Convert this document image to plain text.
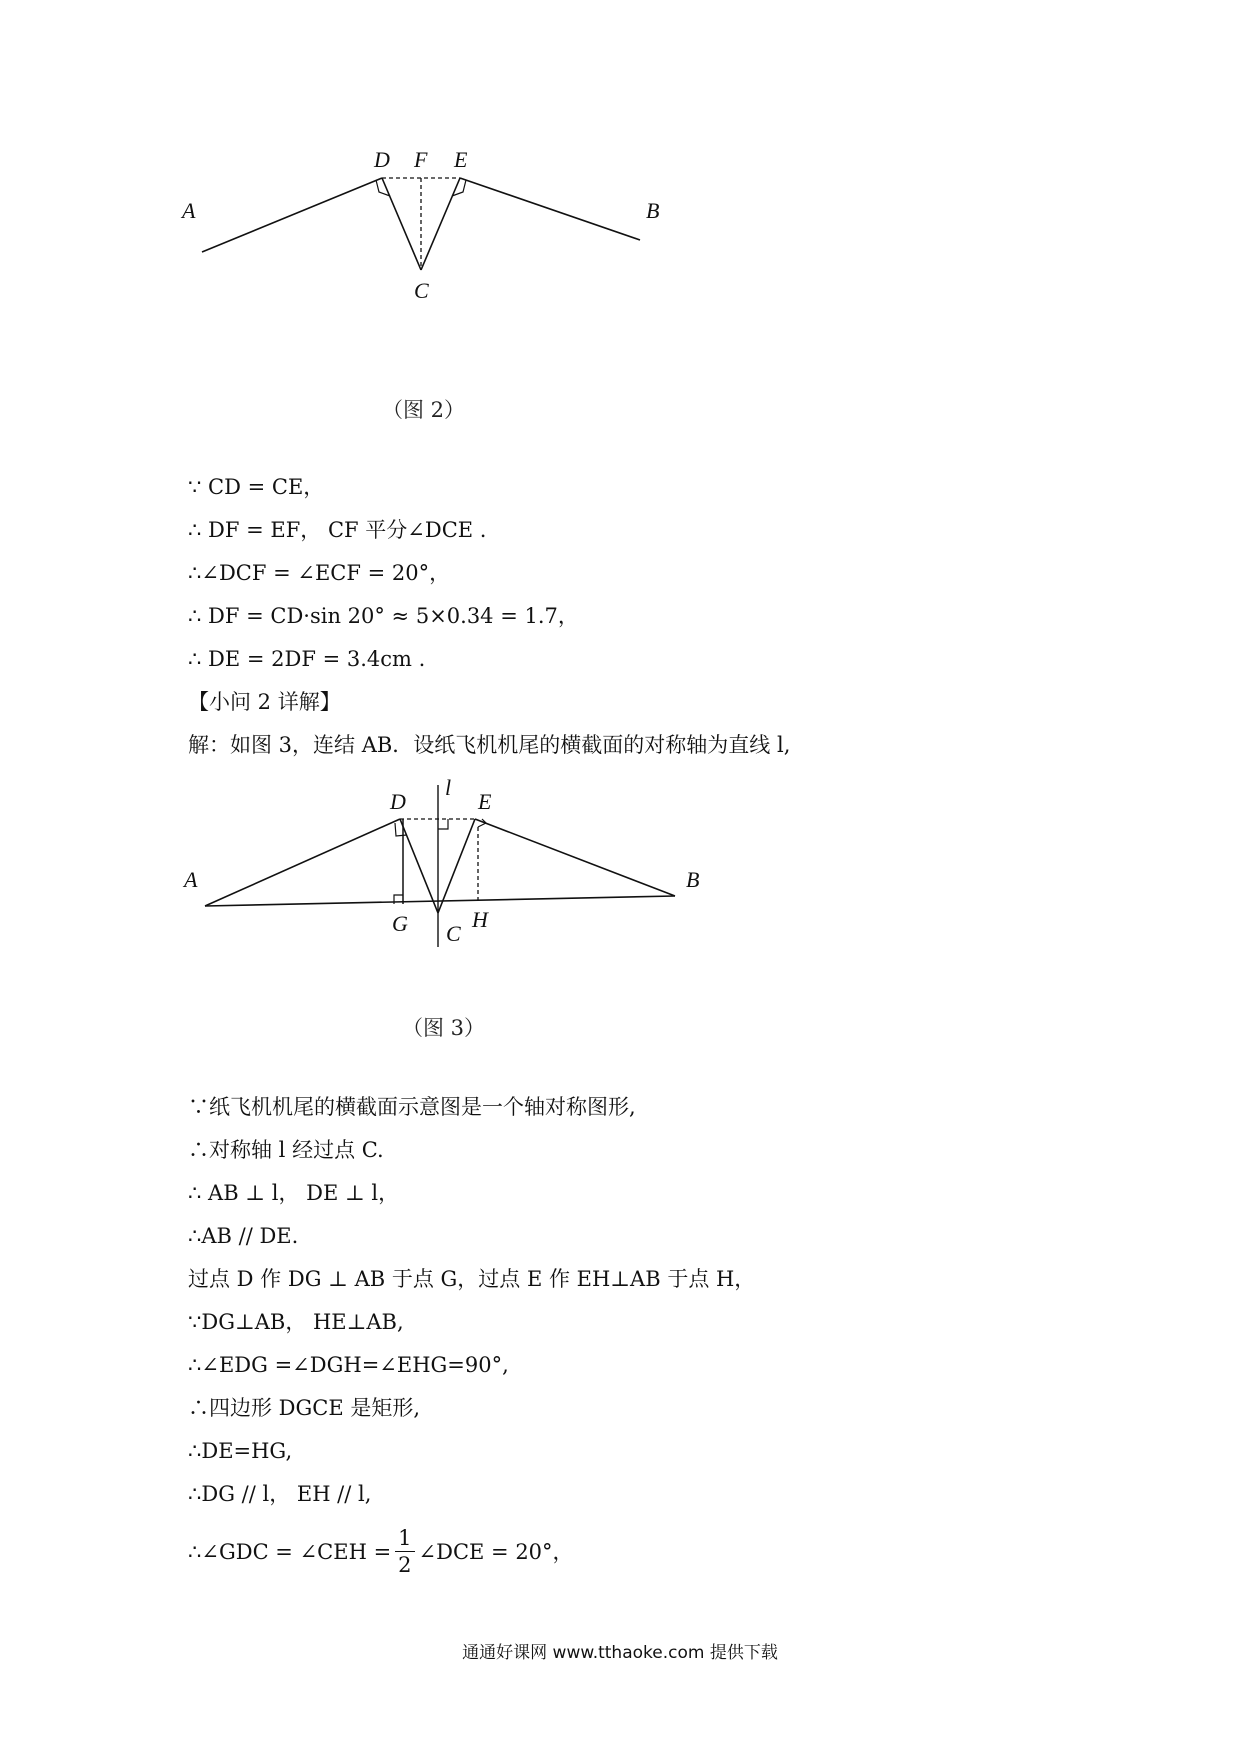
A	B
D F E
C
（图 2）
∵ CD = CE，
∴ DF = EF， CF 平分∠DCE .
∴∠DCF = ∠ECF = 20°，
∴ DF = CD·sin 20° ≈ 5×0.34 = 1.7，
∴ DE = 2DF = 3.4cm .
【小问 2 详解】
解：如图 3，连结 AB．设纸飞机机尾的横截面的对称轴为直线 l,
A	B
D	E
l
G	H
C
（图 3）
∵纸飞机机尾的横截面示意图是一个轴对称图形,
∴对称轴 l 经过点 C.
∴ AB ⊥ l， DE ⊥ l，
∴AB // DE.
过点 D 作 DG ⊥ AB 于点 G，过点 E 作 EH⊥AB 于点 H，
∵DG⊥AB， HE⊥AB,
∴∠EDG =∠DGH=∠EHG=90°,
∴四边形 DGCE 是矩形,
∴DE=HG,
∴DG // l， EH // l,
∴∠GDC = ∠CEH = $\frac{1}{2}$ ∠DCE = 20°，
通通好课网 www.tthaoke.com 提供下载
